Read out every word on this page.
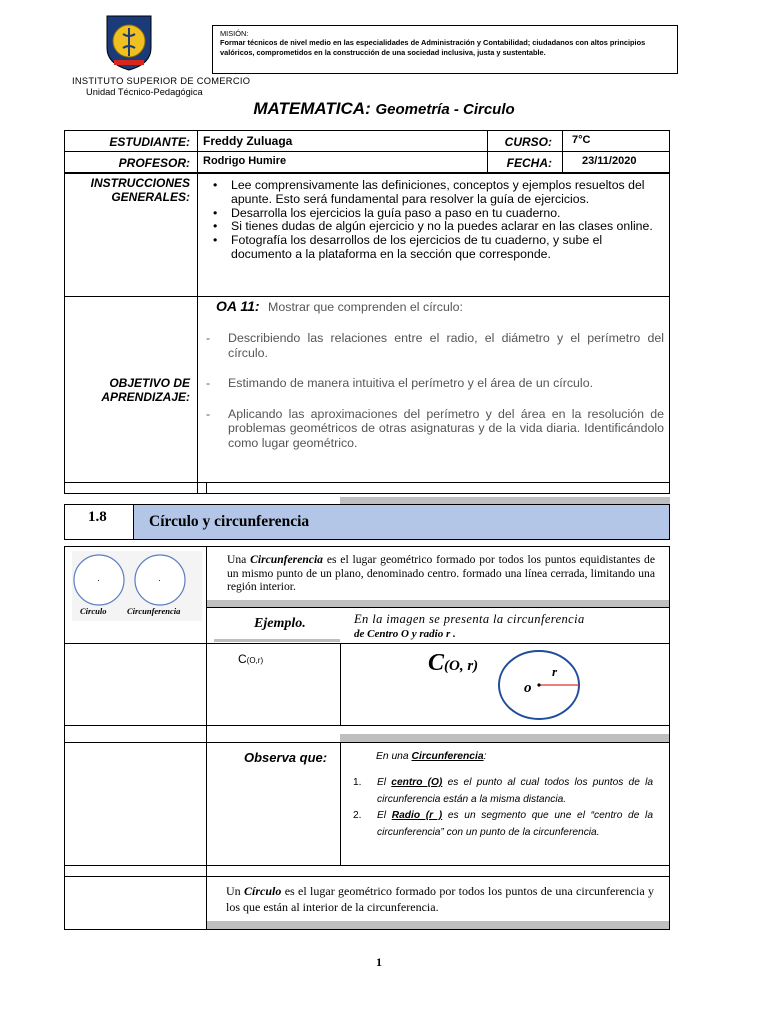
MISIÓN:
Formar técnicos de nivel medio en las especialidades de Administración y Contabilidad; ciudadanos con altos principios valóricos, comprometidos en la construcción de una sociedad inclusiva, justa y sustentable.
INSTITUTO SUPERIOR DE COMERCIO
Unidad Técnico-Pedagógica
MATEMATICA: Geometría - Circulo
ESTUDIANTE: Freddy Zuluaga	CURSO: 7°C
PROFESOR: Rodrigo Humire	FECHA:	23/11/2020
INSTRUCCIONES
GENERALES:
• Lee comprensivamente las definiciones, conceptos y ejemplos resueltos del apunte. Esto será fundamental para resolver la guía de ejercicios.
• Desarrolla los ejercicios la guía paso a paso en tu cuaderno.
• Si tienes dudas de algún ejercicio y no la puedes aclarar en las clases online.
• Fotografía los desarrollos de los ejercicios de tu cuaderno, y sube el documento a la plataforma en la sección que corresponde.
OBJETIVO DE
APRENDIZAJE:
OA 11: Mostrar que comprenden el círculo:
- Describiendo las relaciones entre el radio, el diámetro y el perímetro del círculo.
- Estimando de manera intuitiva el perímetro y el área de un círculo.
- Aplicando las aproximaciones del perímetro y del área en la resolución de problemas geométricos de otras asignaturas y de la vida diaria. Identificándolo como lugar geométrico.
1.8	Círculo y circunferencia
·	·
Circulo Circunferencia
Una Circunferencia es el lugar geométrico formado por todos los puntos equidistantes de un mismo punto de un plano, denominado centro. formado una línea cerrada, limitando una región interior.
Ejemplo.	En la imagen se presenta la circunferencia
de Centro O y radio r .
C(O,r)	C(O, r)
o
r
Observa que:	En una Circunferencia:
1. El centro (O) es el punto al cual todos los puntos de la circunferencia están a la misma distancia.
2. El Radio (r ) es un segmento que une el “centro de la circunferencia” con un punto de la circunferencia.
Un Círculo es el lugar geométrico formado por todos los puntos de una circunferencia y los que están al interior de la circunferencia.
1
